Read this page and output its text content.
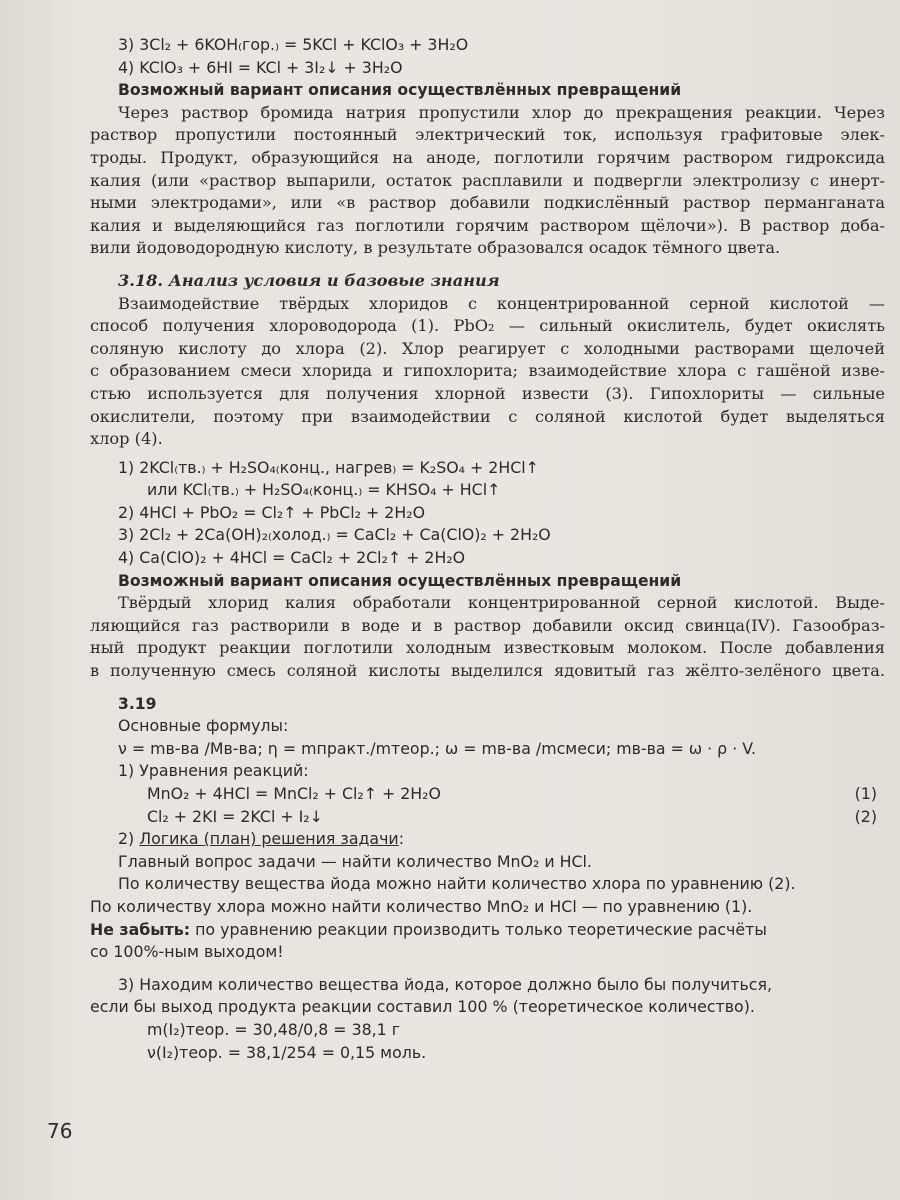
3) 3Cl₂ + 6KOH₍гор.₎ = 5KCl + KClO₃ + 3H₂O
4) KClO₃ + 6HI = KCl + 3I₂↓ + 3H₂O
Возможный вариант описания осуществлённых превращений
Через раствор бромида натрия пропустили хлор до прекращения реакции. Через
раствор пропустили постоянный электрический ток, используя графитовые элек-
троды. Продукт, образующийся на аноде, поглотили горячим раствором гидроксида
калия (или «раствор выпарили, остаток расплавили и подвергли электролизу с инерт-
ными электродами», или «в раствор добавили подкислённый раствор перманганата
калия и выделяющийся газ поглотили горячим раствором щёлочи»). В раствор доба-
вили йодоводородную кислоту, в результате образовался осадок тёмного цвета.
3.18. Анализ условия и базовые знания
Взаимодействие твёрдых хлоридов с концентрированной серной кислотой —
способ получения хлороводорода (1). PbO₂ — сильный окислитель, будет окислять
соляную кислоту до хлора (2). Хлор реагирует с холодными растворами щелочей
с образованием смеси хлорида и гипохлорита; взаимодействие хлора с гашёной изве-
стью используется для получения хлорной извести (3). Гипохлориты — сильные
окислители, поэтому при взаимодействии с соляной кислотой будет выделяться
хлор (4).
1) 2KCl₍тв.₎ + H₂SO₄₍конц., нагрев₎ = K₂SO₄ + 2HCl↑
или KCl₍тв.₎ + H₂SO₄₍конц.₎ = KHSO₄ + HCl↑
2) 4HCl + PbO₂ = Cl₂↑ + PbCl₂ + 2H₂O
3) 2Cl₂ + 2Ca(OH)₂₍холод.₎ = CaCl₂ + Ca(ClO)₂ + 2H₂O
4) Ca(ClO)₂ + 4HCl = CaCl₂ + 2Cl₂↑ + 2H₂O
Возможный вариант описания осуществлённых превращений
Твёрдый хлорид калия обработали концентрированной серной кислотой. Выде-
ляющийся газ растворили в воде и в раствор добавили оксид свинца(IV). Газообраз-
ный продукт реакции поглотили холодным известковым молоком. После добавления
в полученную смесь соляной кислоты выделился ядовитый газ жёлто-зелёного цвета.
3.19
Основные формулы:
ν = mв-ва /Mв-ва; η = mпракт./mтеор.; ω = mв-ва /mсмеси; mв-ва = ω · ρ · V.
1) Уравнения реакций:
MnO₂ + 4HCl = MnCl₂ + Cl₂↑ + 2H₂O	(1)
Cl₂ + 2KI = 2KCl + I₂↓	(2)
2) Логика (план) решения задачи:
Главный вопрос задачи — найти количество MnO₂ и HCl.
По количеству вещества йода можно найти количество хлора по уравнению (2).
По количеству хлора можно найти количество MnO₂ и HCl — по уравнению (1).
Не забыть: по уравнению реакции производить только теоретические расчёты
со 100%-ным выходом!
3) Находим количество вещества йода, которое должно было бы получиться,
если бы выход продукта реакции составил 100 % (теоретическое количество).
m(I₂)теор. = 30,48/0,8 = 38,1 г
ν(I₂)теор. = 38,1/254 = 0,15 моль.
76
